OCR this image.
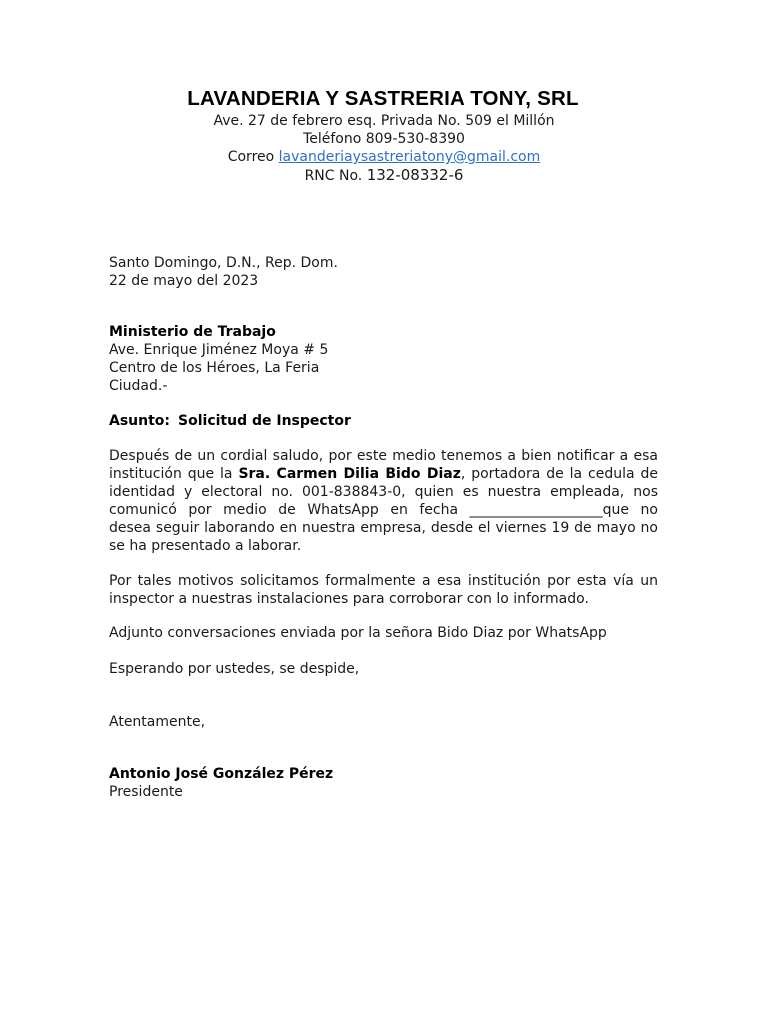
LAVANDERIA Y SASTRERIA TONY, SRL
Ave. 27 de febrero esq. Privada No. 509 el Millón
Teléfono 809-530-8390
Correo lavanderiaysastreriatony@gmail.com
RNC No. 132-08332-6
Santo Domingo, D.N., Rep. Dom.
22 de mayo del 2023
Ministerio de Trabajo
Ave. Enrique Jiménez Moya # 5
Centro de los Héroes, La Feria
Ciudad.-
Asunto: Solicitud de Inspector
Después de un cordial saludo, por este medio tenemos a bien notificar a esa
institución que la Sra. Carmen Dilia Bido Diaz, portadora de la cedula de
identidad y electoral no. 001-838843-0, quien es nuestra empleada, nos
comunicó por medio de WhatsApp en fecha ___________________que no
desea seguir laborando en nuestra empresa, desde el viernes 19 de mayo no
se ha presentado a laborar.
Por tales motivos solicitamos formalmente a esa institución por esta vía un
inspector a nuestras instalaciones para corroborar con lo informado.
Adjunto conversaciones enviada por la señora Bido Diaz por WhatsApp
Esperando por ustedes, se despide,
Atentamente,
Antonio José González Pérez
Presidente
